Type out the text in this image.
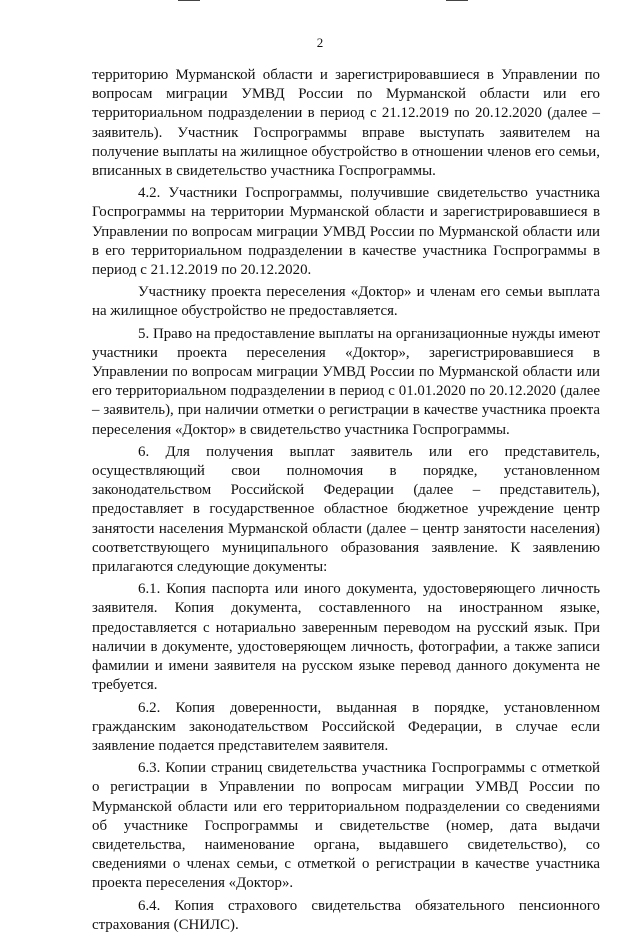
2

территорию Мурманской области и зарегистрировавшиеся в Управлении по вопросам миграции УМВД России по Мурманской области или его территориальном подразделении в период с 21.12.2019 по 20.12.2020 (далее – заявитель). Участник Госпрограммы вправе выступать заявителем на получение выплаты на жилищное обустройство в отношении членов его семьи, вписанных в свидетельство участника Госпрограммы.

4.2. Участники Госпрограммы, получившие свидетельство участника Госпрограммы на территории Мурманской области и зарегистрировавшиеся в Управлении по вопросам миграции УМВД России по Мурманской области или в его территориальном подразделении в качестве участника Госпрограммы в период с 21.12.2019 по 20.12.2020.

Участнику проекта переселения «Доктор» и членам его семьи выплата на жилищное обустройство не предоставляется.

5. Право на предоставление выплаты на организационные нужды имеют участники проекта переселения «Доктор», зарегистрировавшиеся в Управлении по вопросам миграции УМВД России по Мурманской области или его территориальном подразделении в период с 01.01.2020 по 20.12.2020 (далее – заявитель), при наличии отметки о регистрации в качестве участника проекта переселения «Доктор» в свидетельство участника Госпрограммы.

6. Для получения выплат заявитель или его представитель, осуществляющий свои полномочия в порядке, установленном законодательством Российской Федерации (далее – представитель), предоставляет в государственное областное бюджетное учреждение центр занятости населения Мурманской области (далее – центр занятости населения) соответствующего муниципального образования заявление. К заявлению прилагаются следующие документы:

6.1. Копия паспорта или иного документа, удостоверяющего личность заявителя. Копия документа, составленного на иностранном языке, предоставляется с нотариально заверенным переводом на русский язык. При наличии в документе, удостоверяющем личность, фотографии, а также записи фамилии и имени заявителя на русском языке перевод данного документа не требуется.

6.2. Копия доверенности, выданная в порядке, установленном гражданским законодательством Российской Федерации, в случае если заявление подается представителем заявителя.

6.3. Копии страниц свидетельства участника Госпрограммы с отметкой о регистрации в Управлении по вопросам миграции УМВД России по Мурманской области или его территориальном подразделении со сведениями об участнике Госпрограммы и свидетельстве (номер, дата выдачи свидетельства, наименование органа, выдавшего свидетельство), со сведениями о членах семьи, с отметкой о регистрации в качестве участника проекта переселения «Доктор».

6.4. Копия страхового свидетельства обязательного пенсионного страхования (СНИЛС).
